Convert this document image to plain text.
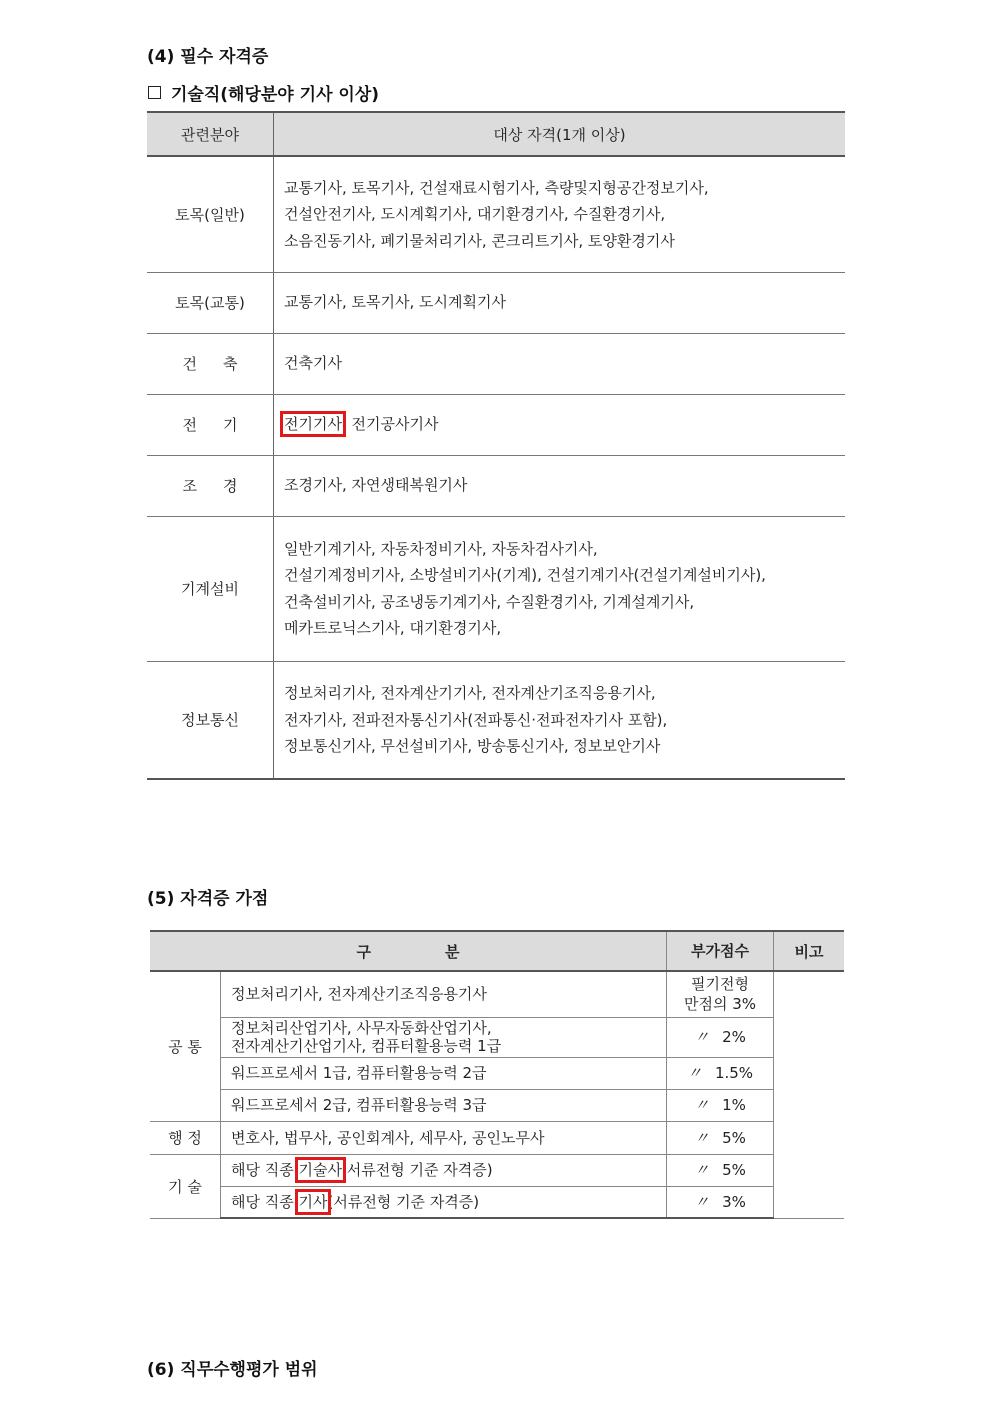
(4) 필수 자격증
기술직(해당분야 기사 이상)
관련분야	대상 자격(1개 이상)
토목(일반)	교통기사, 토목기사, 건설재료시험기사, 측량및지형공간정보기사,
건설안전기사, 도시계획기사, 대기환경기사, 수질환경기사,
소음진동기사, 폐기물처리기사, 콘크리트기사, 토양환경기사

토목(교통)	교통기사, 토목기사, 도시계획기사

건 축	건축기사

전 기	전기기사, 전기공사기사

조 경	조경기사, 자연생태복원기사

기계설비	일반기계기사, 자동차정비기사, 자동차검사기사,
건설기계정비기사, 소방설비기사(기계), 건설기계기사(건설기계설비기사),
건축설비기사, 공조냉동기계기사, 수질환경기사, 기계설계기사,
메카트로닉스기사, 대기환경기사,

정보통신	정보처리기사, 전자계산기기사, 전자계산기조직응용기사,
전자기사, 전파전자통신기사(전파통신·전파전자기사 포함),
정보통신기사, 무선설비기사, 방송통신기사, 정보보안기사
(5) 자격증 가점
구 분		부가점수	비고
공 통	정보처리기사, 전자계산기조직응용기사	필기전형
만점의 3%	

	정보처리산업기사, 사무자동화산업기사,
전자계산기산업기사, 컴퓨터활용능력 1급	〃 2%	
	워드프로세서 1급, 컴퓨터활용능력 2급	〃 1.5%	
	워드프로세서 2급, 컴퓨터활용능력 3급	〃 1%	
행 정	변호사, 법무사, 공인회계사, 세무사, 공인노무사	〃 5%	
기 술	해당 직종 기술사 서류전형 기준 자격증)	〃 5%	
	해당 직종 기사(서류전형 기준 자격증)	〃 3%	
(6) 직무수행평가 범위
